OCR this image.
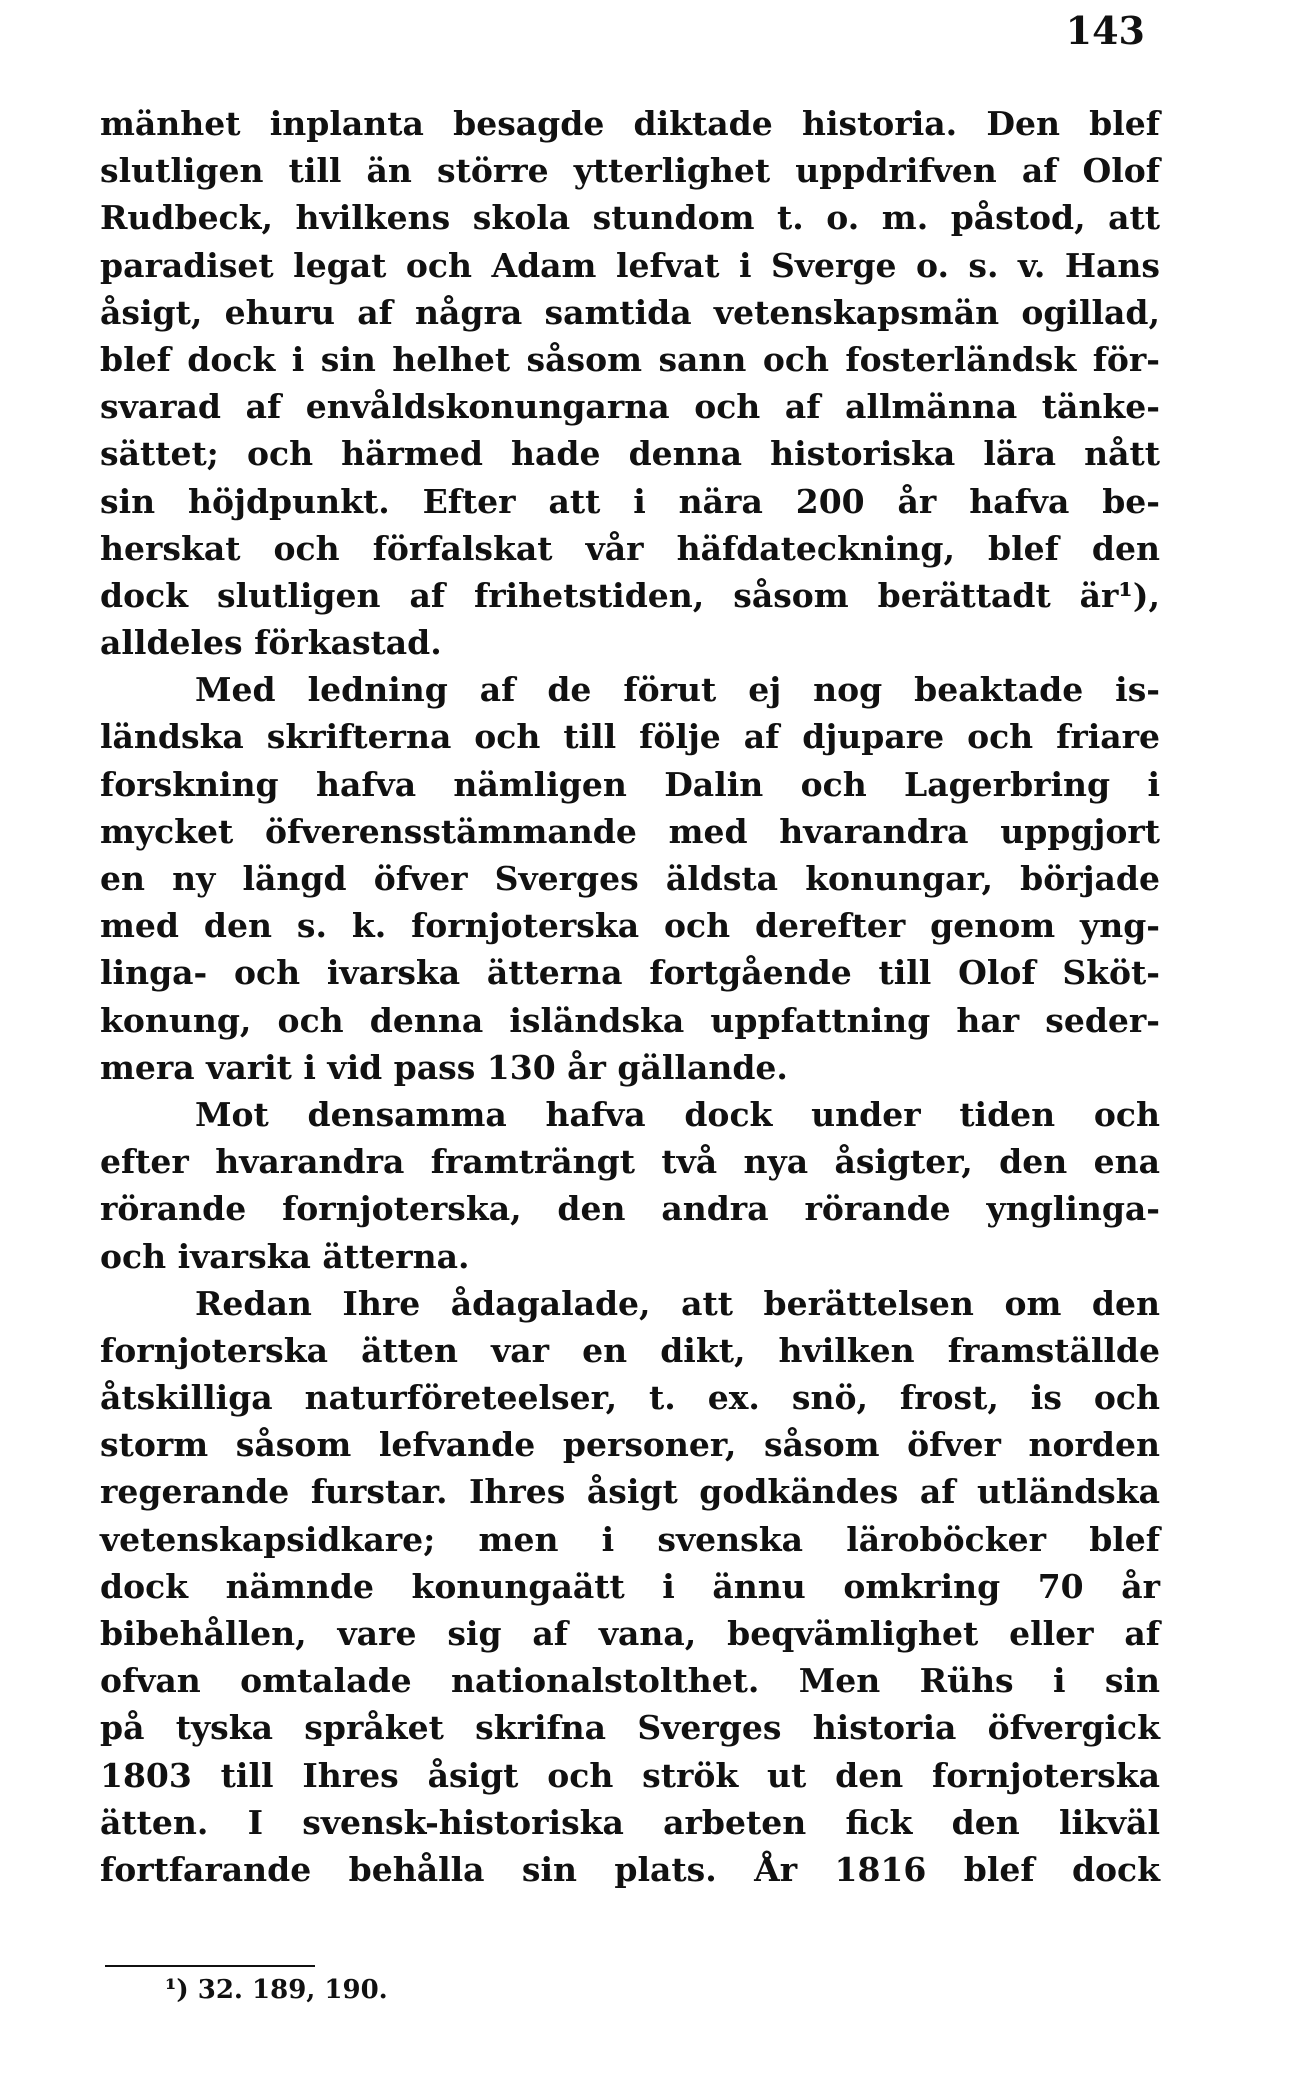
143
mänhet inplanta besagde diktade historia. Den blef
slutligen till än större ytterlighet uppdrifven af Olof
Rudbeck, hvilkens skola stundom t. o. m. påstod, att
paradiset legat och Adam lefvat i Sverge o. s. v. Hans
åsigt, ehuru af några samtida vetenskapsmän ogillad,
blef dock i sin helhet såsom sann och fosterländsk för-
svarad af envåldskonungarna och af allmänna tänke-
sättet; och härmed hade denna historiska lära nått
sin höjdpunkt. Efter att i nära 200 år hafva be-
herskat och förfalskat vår häfdateckning, blef den
dock slutligen af frihetstiden, såsom berättadt är¹),
alldeles förkastad.
Med ledning af de förut ej nog beaktade is-
ländska skrifterna och till följe af djupare och friare
forskning hafva nämligen Dalin och Lagerbring i
mycket öfverensstämmande med hvarandra uppgjort
en ny längd öfver Sverges äldsta konungar, började
med den s. k. fornjoterska och derefter genom yng-
linga- och ivarska ätterna fortgående till Olof Sköt-
konung, och denna isländska uppfattning har seder-
mera varit i vid pass 130 år gällande.
Mot densamma hafva dock under tiden och
efter hvarandra framträngt två nya åsigter, den ena
rörande fornjoterska, den andra rörande ynglinga-
och ivarska ätterna.
Redan Ihre ådagalade, att berättelsen om den
fornjoterska ätten var en dikt, hvilken framställde
åtskilliga naturföreteelser, t. ex. snö, frost, is och
storm såsom lefvande personer, såsom öfver norden
regerande furstar. Ihres åsigt godkändes af utländska
vetenskapsidkare; men i svenska läroböcker blef
dock nämnde konungaätt i ännu omkring 70 år
bibehållen, vare sig af vana, beqvämlighet eller af
ofvan omtalade nationalstolthet. Men Rühs i sin
på tyska språket skrifna Sverges historia öfvergick
1803 till Ihres åsigt och strök ut den fornjoterska
ätten. I svensk-historiska arbeten fick den likväl
fortfarande behålla sin plats. År 1816 blef dock
¹) 32. 189, 190.
